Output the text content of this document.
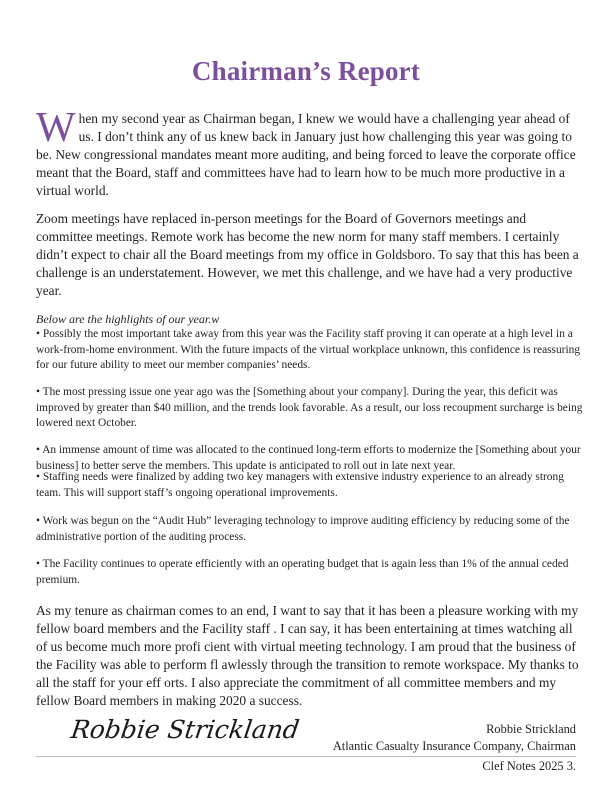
Chairman’s Report

When my second year as Chairman began, I knew we would have a challenging year ahead of us. I don’t think any of us knew back in January just how challenging this year was going to be. New congressional mandates meant more auditing, and being forced to leave the corporate office meant that the Board, staff and committees have had to learn how to be much more productive in a virtual world.

Zoom meetings have replaced in-person meetings for the Board of Governors meetings and committee meetings. Remote work has become the new norm for many staff members. I certainly didn’t expect to chair all the Board meetings from my office in Goldsboro. To say that this has been a challenge is an understatement. However, we met this challenge, and we have had a very productive year.

Below are the highlights of our year.w

• Possibly the most important take away from this year was the Facility staff proving it can operate at a high level in a work-from-home environment. With the future impacts of the virtual workplace unknown, this confidence is reassuring for our future ability to meet our member companies’ needs.

• The most pressing issue one year ago was the [Something about your company]. During the year, this deficit was improved by greater than $40 million, and the trends look favorable. As a result, our loss recoupment surcharge is being lowered next October.

• An immense amount of time was allocated to the continued long-term efforts to modernize the [Something about your business] to better serve the members. This update is anticipated to roll out in late next year.

• Staffing needs were finalized by adding two key managers with extensive industry experience to an already strong team. This will support staff’s ongoing operational improvements.

• Work was begun on the “Audit Hub” leveraging technology to improve auditing efficiency by reducing some of the administrative portion of the auditing process.

• The Facility continues to operate efficiently with an operating budget that is again less than 1% of the annual ceded premium.

As my tenure as chairman comes to an end, I want to say that it has been a pleasure working with my fellow board members and the Facility staff . I can say, it has been entertaining at times watching all of us become much more profi cient with virtual meeting technology. I am proud that the business of the Facility was able to perform fl awlessly through the transition to remote workspace. My thanks to all the staff for your eff orts. I also appreciate the commitment of all committee members and my fellow Board members in making 2020 a success.

Robbie Strickland	Robbie Strickland

Atlantic Casualty Insurance Company, Chairman

Clef Notes 2025 3.
